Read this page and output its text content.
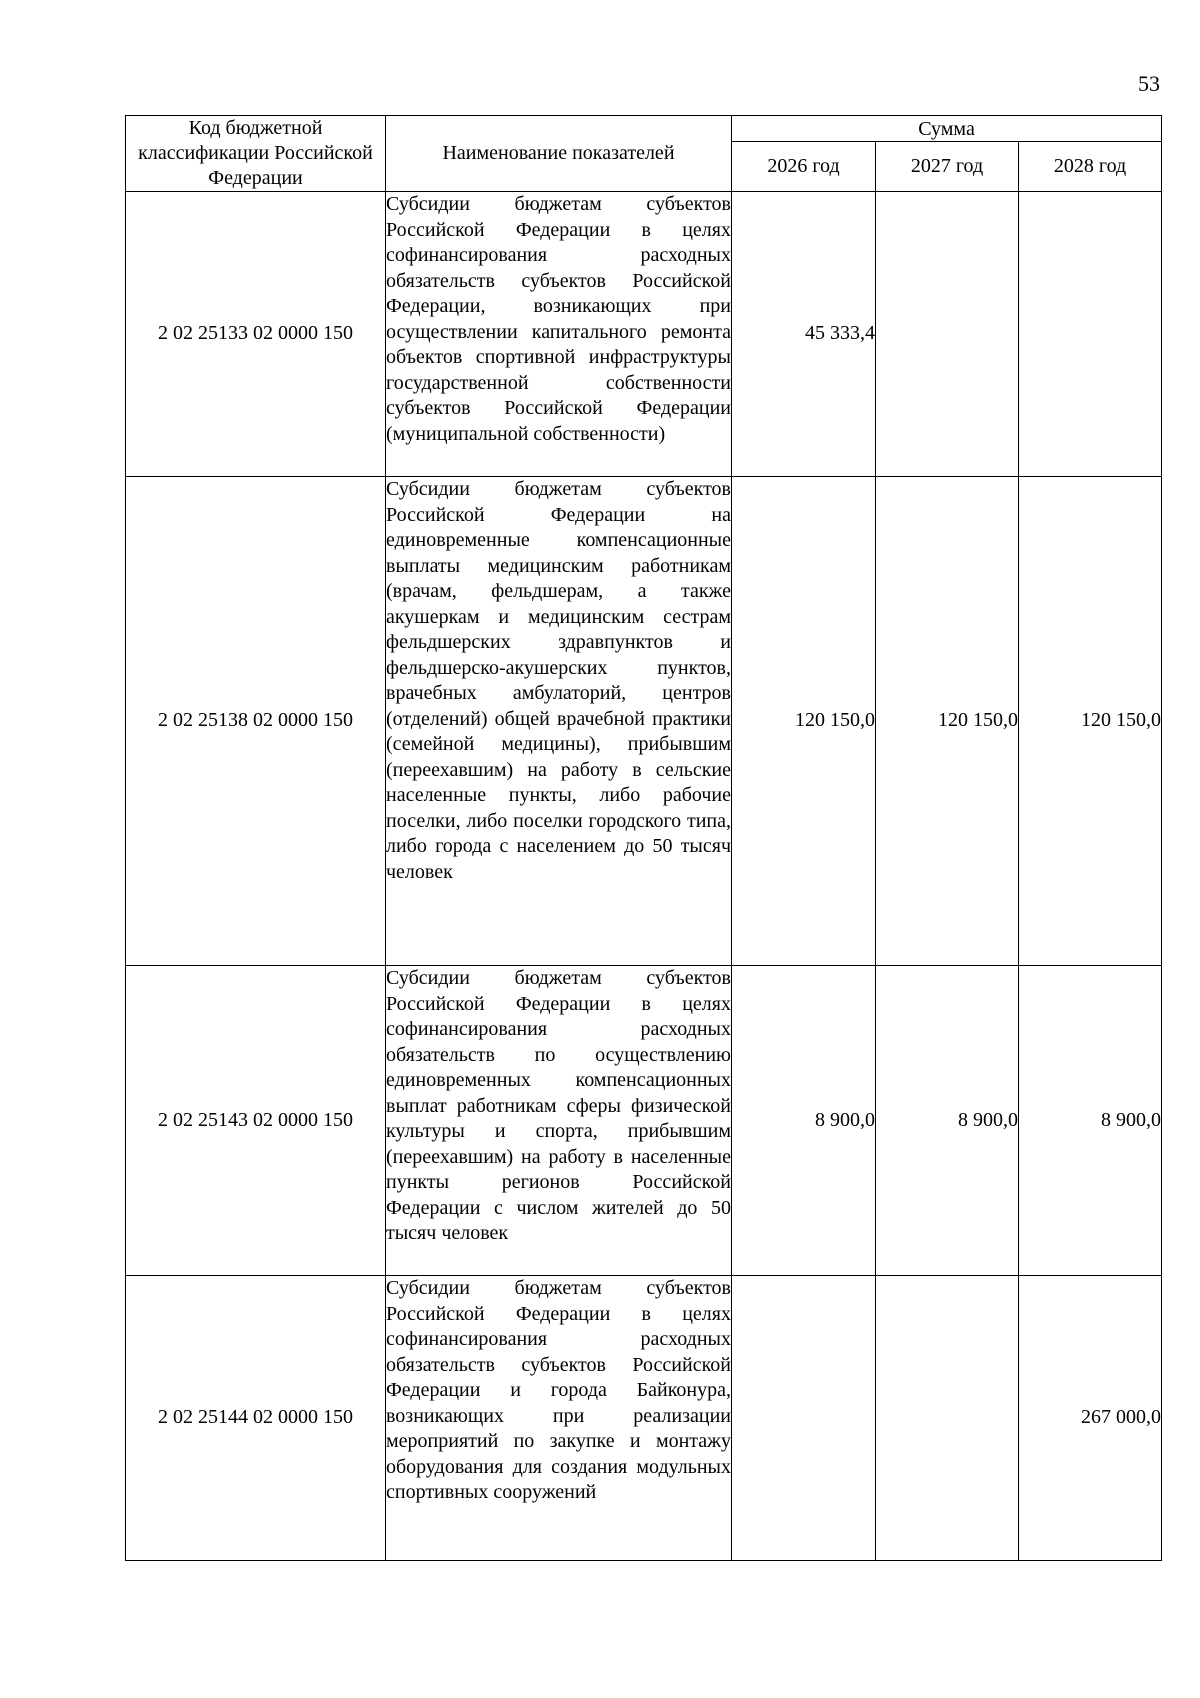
53
Код бюджетной классификации Российской Федерации	Наименование показателей	Сумма		
		2026 год	2027 год	2028 год
2 02 25133 02 0000 150	Субсидии бюджетам субъектов Российской Федерации в целях софинансирования расходных обязательств субъектов Российской Федерации, возникающих при осуществлении капитального ремонта объектов спортивной инфраструктуры государственной собственности субъектов Российской Федерации (муниципальной собственности)	45 333,4		
2 02 25138 02 0000 150	Субсидии бюджетам субъектов Российской Федерации на единовременные компенсационные выплаты медицинским работникам (врачам, фельдшерам, а также акушеркам и медицинским сестрам фельдшерских здравпунктов и фельдшерско-акушерских пунктов, врачебных амбулаторий, центров (отделений) общей врачебной практики (семейной медицины), прибывшим (переехавшим) на работу в сельские населенные пункты, либо рабочие поселки, либо поселки городского типа, либо города с населением до 50 тысяч человек	120 150,0	120 150,0	120 150,0
2 02 25143 02 0000 150	Субсидии бюджетам субъектов Российской Федерации в целях софинансирования расходных обязательств по осуществлению единовременных компенсационных выплат работникам сферы физической культуры и спорта, прибывшим (переехавшим) на работу в населенные пункты регионов Российской Федерации с числом жителей до 50 тысяч человек	8 900,0	8 900,0	8 900,0
2 02 25144 02 0000 150	Субсидии бюджетам субъектов Российской Федерации в целях софинансирования расходных обязательств субъектов Российской Федерации и города Байконура, возникающих при реализации мероприятий по закупке и монтажу оборудования для создания модульных спортивных сооружений			267 000,0
